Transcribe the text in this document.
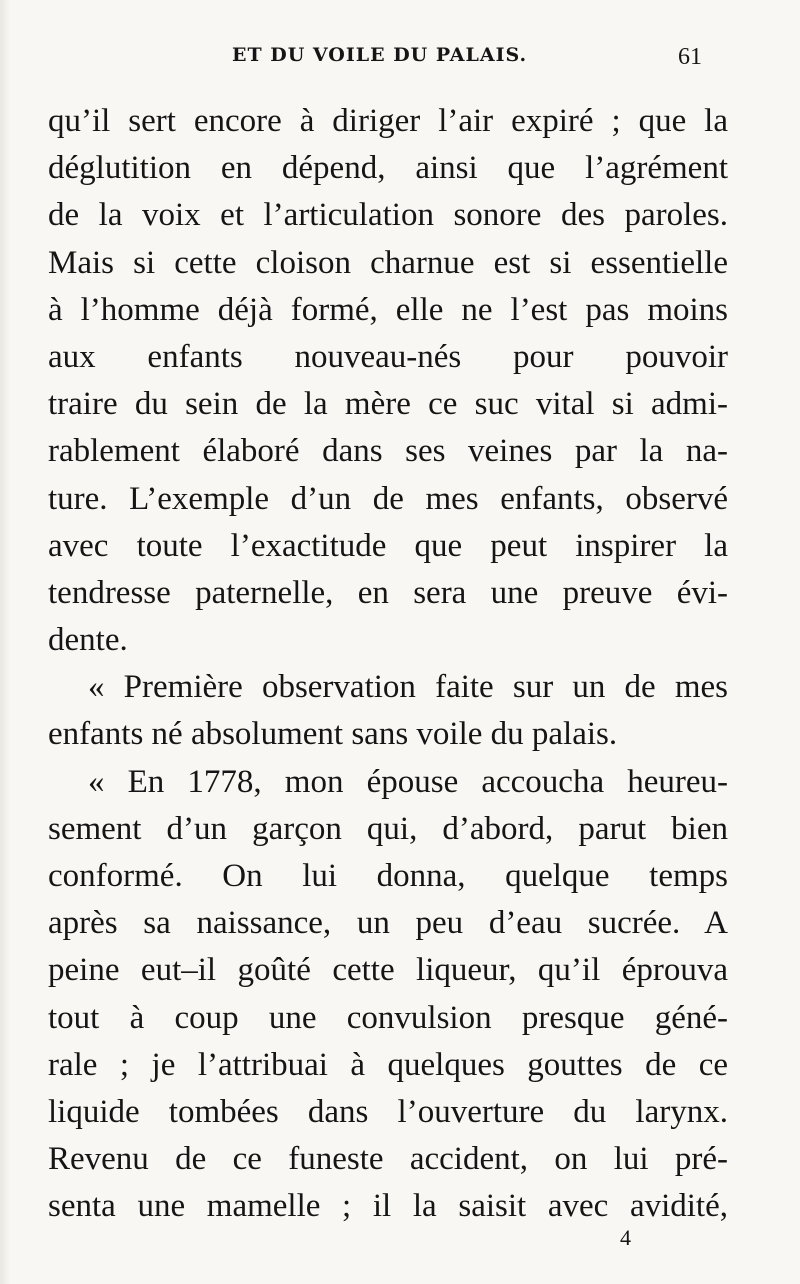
ET DU VOILE DU PALAIS.	61
qu’il sert encore à diriger l’air expiré ; que la
déglutition en dépend, ainsi que l’agrément
de la voix et l’articulation sonore des paroles.
Mais si cette cloison charnue est si essentielle
à l’homme déjà formé, elle ne l’est pas moins
aux enfants nouveau-nés pour pouvoir
traire du sein de la mère ce suc vital si admi-
rablement élaboré dans ses veines par la na-
ture. L’exemple d’un de mes enfants, observé
avec toute l’exactitude que peut inspirer la
tendresse paternelle, en sera une preuve évi-
dente.
« Première observation faite sur un de mes
enfants né absolument sans voile du palais.
« En 1778, mon épouse accoucha heureu-
sement d’un garçon qui, d’abord, parut bien
conformé. On lui donna, quelque temps
après sa naissance, un peu d’eau sucrée. A
peine eut–il goûté cette liqueur, qu’il éprouva
tout à coup une convulsion presque géné-
rale ; je l’attribuai à quelques gouttes de ce
liquide tombées dans l’ouverture du larynx.
Revenu de ce funeste accident, on lui pré-
senta une mamelle ; il la saisit avec avidité,
4
